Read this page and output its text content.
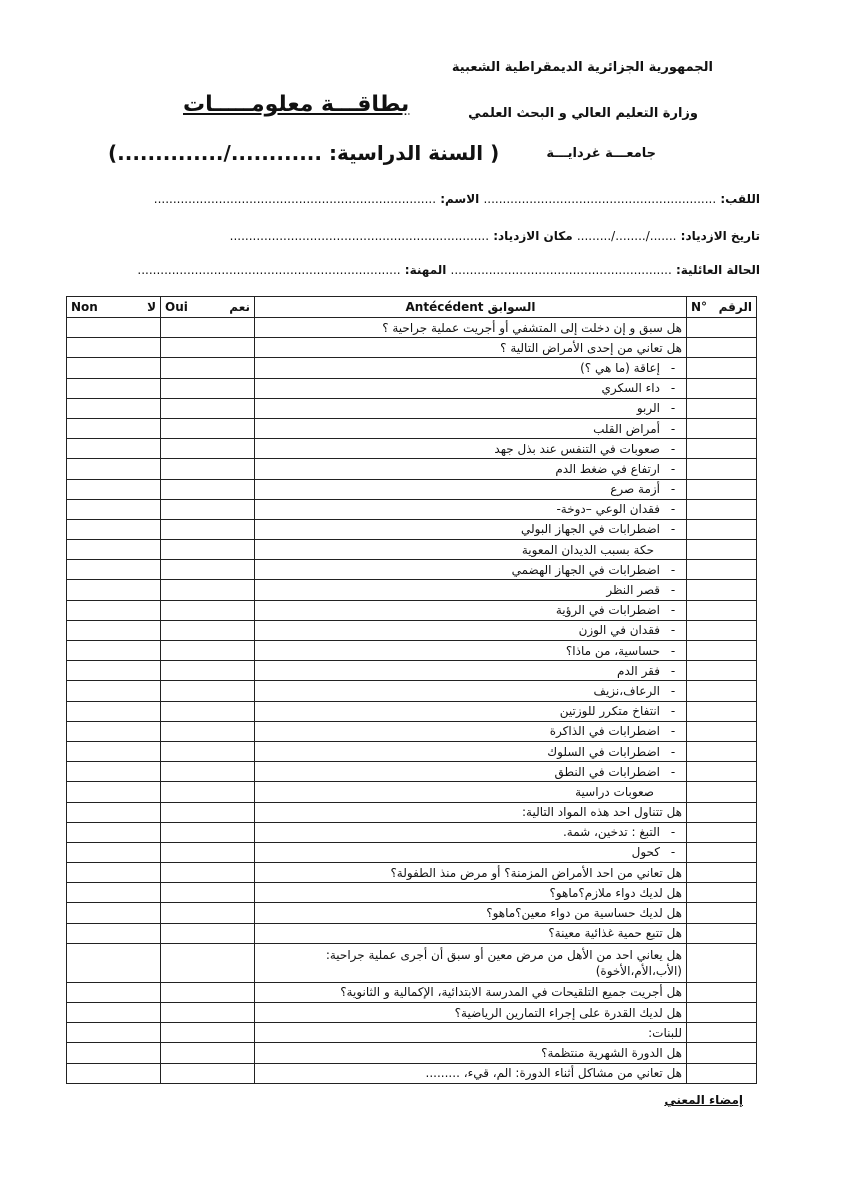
الجمهورية الجزائرية الديمقراطية الشعبية
وزارة التعليم العالي و البحث العلمي
جامعـــة غردايـــة
بطاقـــة معلومـــــات
( السنة الدراسية: ............/..............)
اللقب: ............................................................. الاسم: ..........................................................................
تاريخ الازدياد: ......./......../......... مكان الازدياد: ....................................................................
الحالة العائلية: .......................................................... المهنة: .....................................................................
N° الرقم	السوابق Antécédent	Oui نعم	Non لا

	هل سبق و إن دخلت إلى المتشفي أو أجريت عملية جراحية ؟		
	هل تعاني من إحدى الأمراض التالية ؟		
	- إعاقة (ما هي ؟)		
	- داء السكري		
	- الربو		
	- أمراض القلب		
	- صعوبات في التنفس عند بذل جهد		
	- ارتفاع في ضغط الدم		
	- أزمة صرع		
	- فقدان الوعي –دوخة-		
	- اضطرابات في الجهاز البولي		
	حكة بسبب الديدان المعوية		
	- اضطرابات في الجهاز الهضمي		
	- قصر النظر		
	- اضطرابات في الرؤية		
	- فقدان في الوزن		
	- حساسية، من ماذا؟		
	- فقر الدم		
	- الرعاف،نزيف		
	- انتفاخ متكرر للوزتين		
	- اضطرابات في الذاكرة		
	- اضطرابات في السلوك		
	- اضطرابات في النطق		
	صعوبات دراسية		
	هل تتناول احد هذه المواد التالية:		
	- التبغ : تدخين، شمة.		
	- كحول		
	هل تعاني من احد الأمراض المزمنة؟ أو مرض منذ الطفولة؟		
	هل لديك دواء ملازم؟ماهو؟		
	هل لديك حساسية من دواء معين؟ماهو؟		
	هل تتبع حمية غذائية معينة؟		
	هل يعاني احد من الأهل من مرض معين أو سبق أن أجرى عملية جراحية: (الأب،الأم،الأخوة)		
	هل أجريت جميع التلقيحات في المدرسة الابتدائية، الإكمالية و الثانوية؟		
	هل لديك القدرة على إجراء التمارين الرياضية؟		
	للبنات:		
	هل الدورة الشهرية منتظمة؟		
	هل تعاني من مشاكل أثناء الدورة: الم، قيء، .........		
إمضاء المعني
